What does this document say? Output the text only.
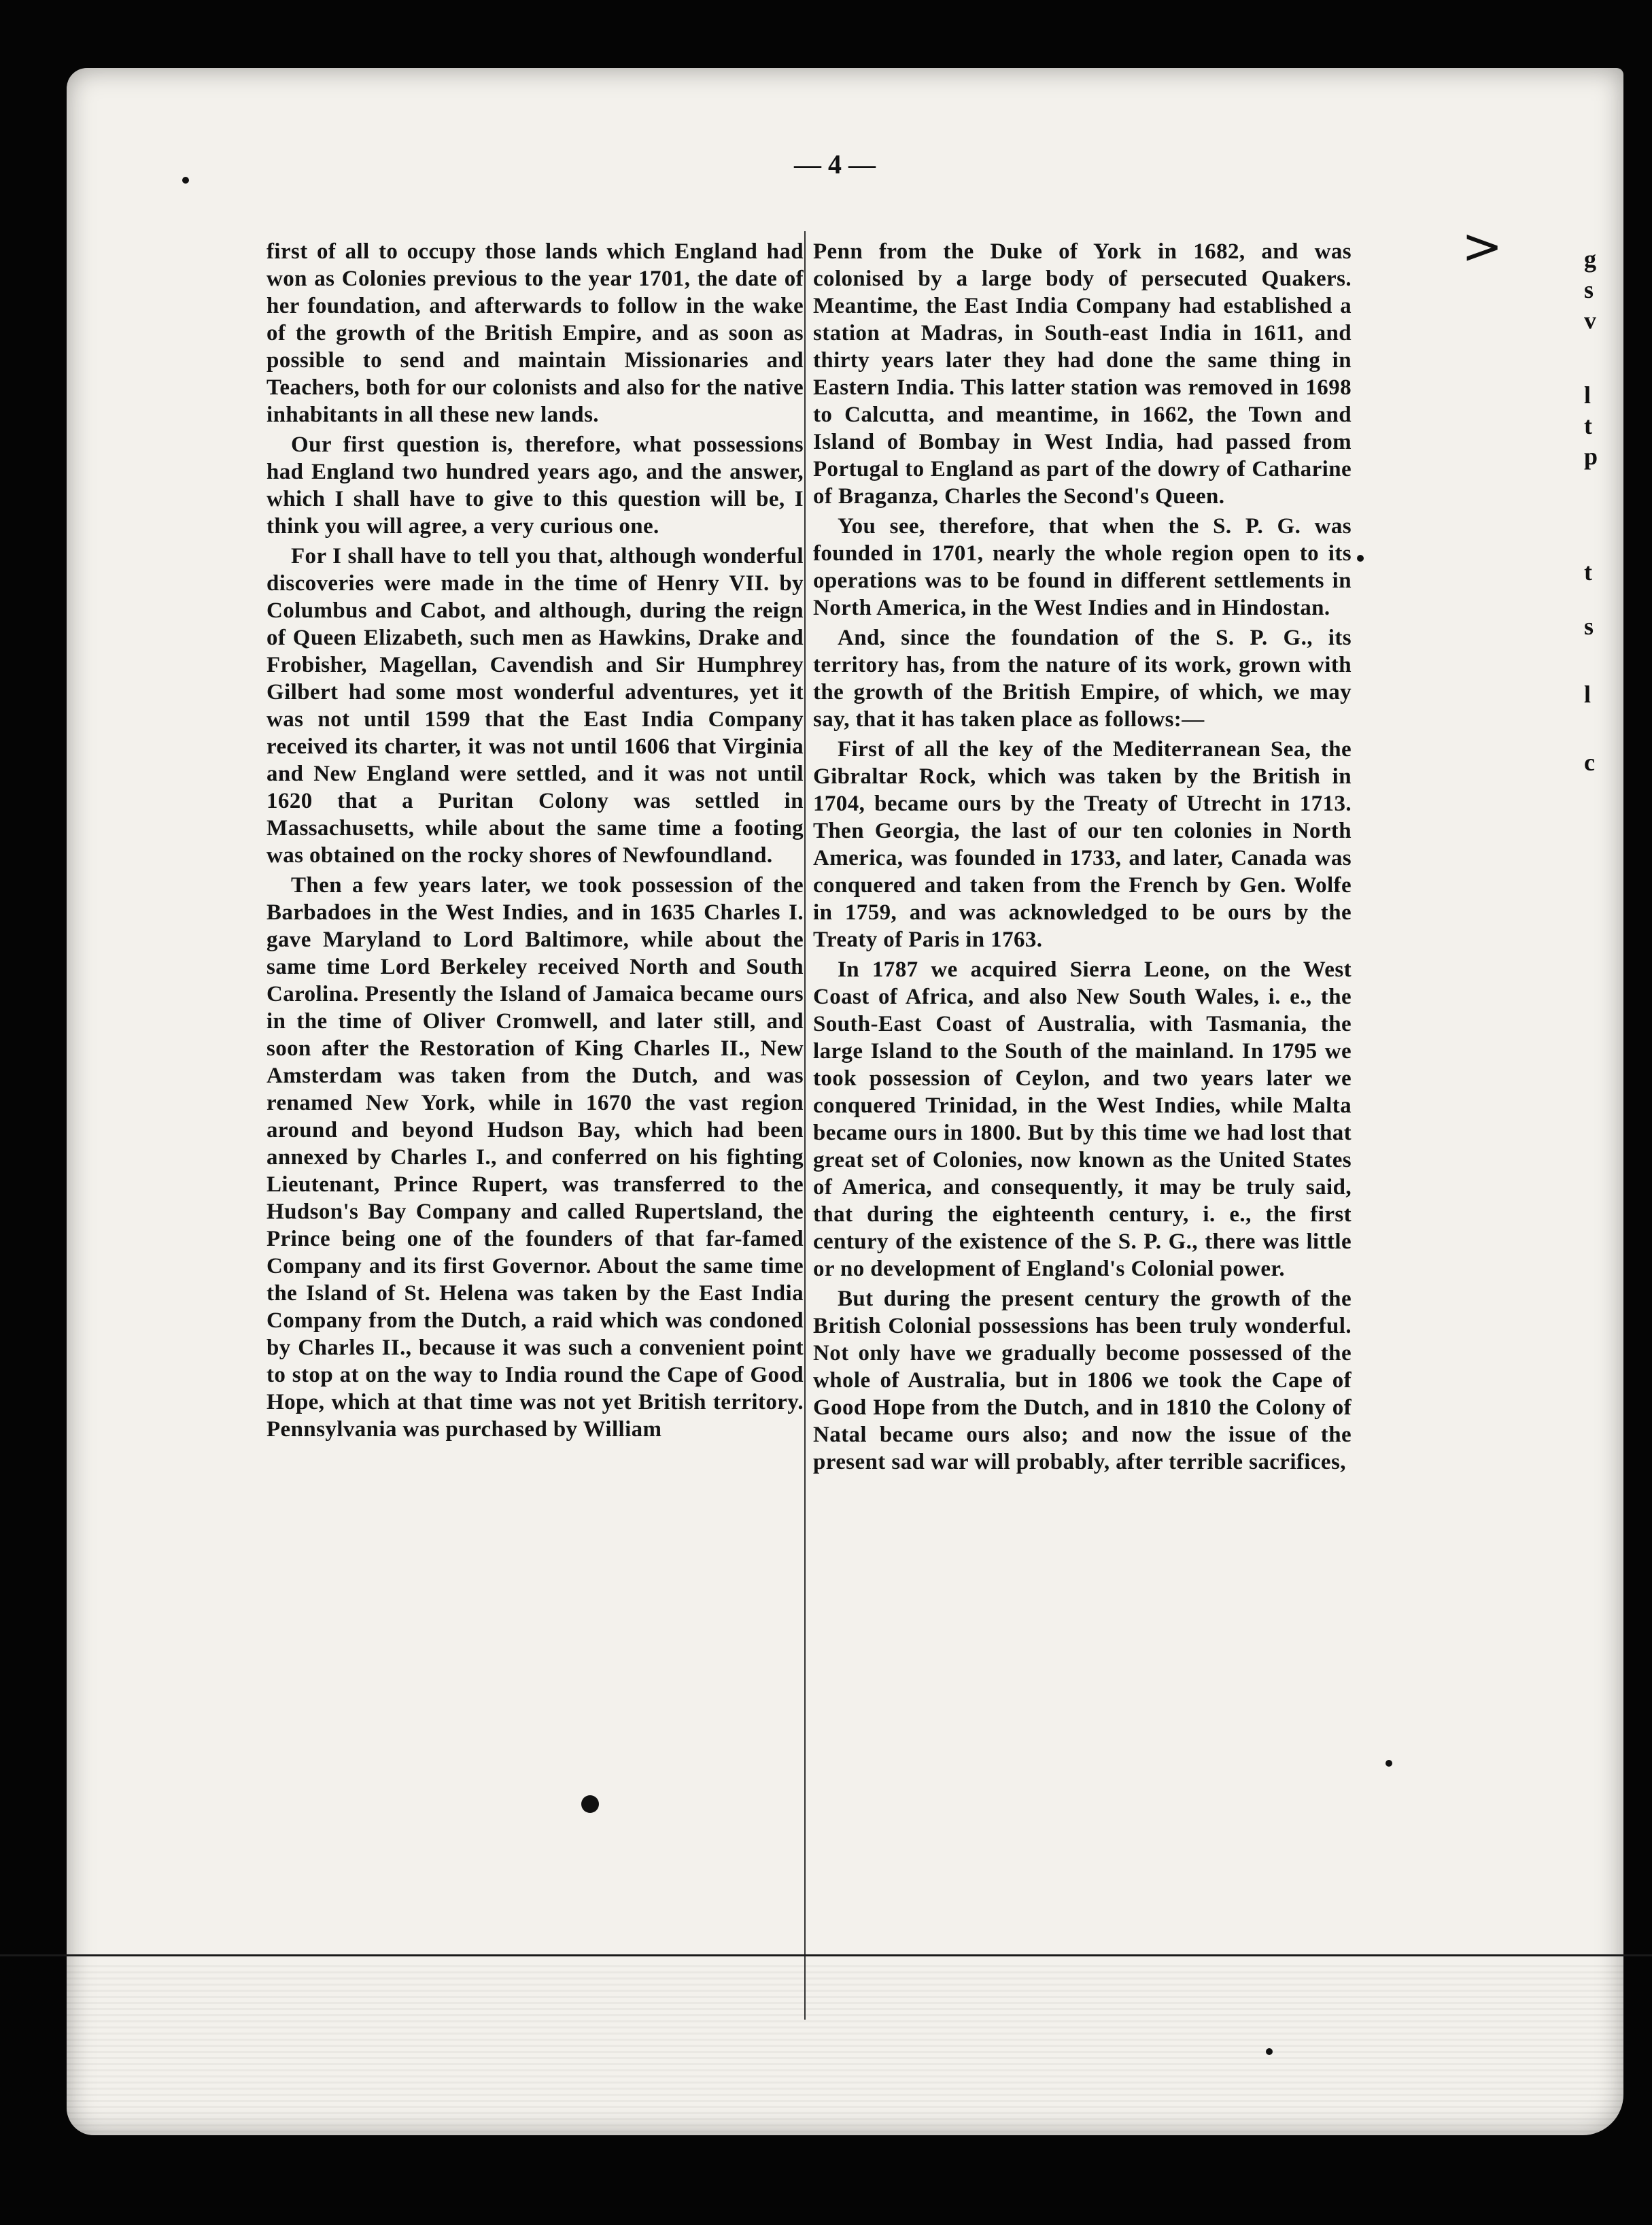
— 4 —
>	g
s
v
l
t
p
t
s
l
c

first of all to occupy those lands which England had won as Colonies previous to the year 1701, the date of her foundation, and afterwards to follow in the wake of the growth of the British Empire, and as soon as possible to send and maintain Missionaries and Teachers, both for our colonists and also for the native inhabitants in all these new lands.

Our first question is, therefore, what possessions had England two hundred years ago, and the answer, which I shall have to give to this question will be, I think you will agree, a very curious one.

For I shall have to tell you that, although wonderful discoveries were made in the time of Henry VII. by Columbus and Cabot, and although, during the reign of Queen Elizabeth, such men as Hawkins, Drake and Frobisher, Magellan, Cavendish and Sir Humphrey Gilbert had some most wonderful adventures, yet it was not until 1599 that the East India Company received its charter, it was not until 1606 that Virginia and New England were settled, and it was not until 1620 that a Puritan Colony was settled in Massachusetts, while about the same time a footing was obtained on the rocky shores of Newfoundland.

Then a few years later, we took possession of the Barbadoes in the West Indies, and in 1635 Charles I. gave Maryland to Lord Baltimore, while about the same time Lord Berkeley received North and South Carolina. Presently the Island of Jamaica became ours in the time of Oliver Cromwell, and later still, and soon after the Restoration of King Charles II., New Amsterdam was taken from the Dutch, and was renamed New York, while in 1670 the vast region around and beyond Hudson Bay, which had been annexed by Charles I., and conferred on his fighting Lieutenant, Prince Rupert, was transferred to the Hudson's Bay Company and called Rupertsland, the Prince being one of the founders of that far-famed Company and its first Governor. About the same time the Island of St. Helena was taken by the East India Company from the Dutch, a raid which was condoned by Charles II., because it was such a convenient point to stop at on the way to India round the Cape of Good Hope, which at that time was not yet British territory. Pennsylvania was purchased by William

Penn from the Duke of York in 1682, and was colonised by a large body of persecuted Quakers. Meantime, the East India Company had established a station at Madras, in South-east India in 1611, and thirty years later they had done the same thing in Eastern India. This latter station was removed in 1698 to Calcutta, and meantime, in 1662, the Town and Island of Bombay in West India, had passed from Portugal to England as part of the dowry of Catharine of Braganza, Charles the Second's Queen.

You see, therefore, that when the S. P. G. was founded in 1701, nearly the whole region open to its operations was to be found in different settlements in North America, in the West Indies and in Hindostan.

And, since the foundation of the S. P. G., its territory has, from the nature of its work, grown with the growth of the British Empire, of which, we may say, that it has taken place as follows:—

First of all the key of the Mediterranean Sea, the Gibraltar Rock, which was taken by the British in 1704, became ours by the Treaty of Utrecht in 1713. Then Georgia, the last of our ten colonies in North America, was founded in 1733, and later, Canada was conquered and taken from the French by Gen. Wolfe in 1759, and was acknowledged to be ours by the Treaty of Paris in 1763.

In 1787 we acquired Sierra Leone, on the West Coast of Africa, and also New South Wales, i. e., the South-East Coast of Australia, with Tasmania, the large Island to the South of the mainland. In 1795 we took possession of Ceylon, and two years later we conquered Trinidad, in the West Indies, while Malta became ours in 1800. But by this time we had lost that great set of Colonies, now known as the United States of America, and consequently, it may be truly said, that during the eighteenth century, i. e., the first century of the existence of the S. P. G., there was little or no development of England's Colonial power.

But during the present century the growth of the British Colonial possessions has been truly wonderful. Not only have we gradually become possessed of the whole of Australia, but in 1806 we took the Cape of Good Hope from the Dutch, and in 1810 the Colony of Natal became ours also; and now the issue of the present sad war will probably, after terrible sacrifices,
